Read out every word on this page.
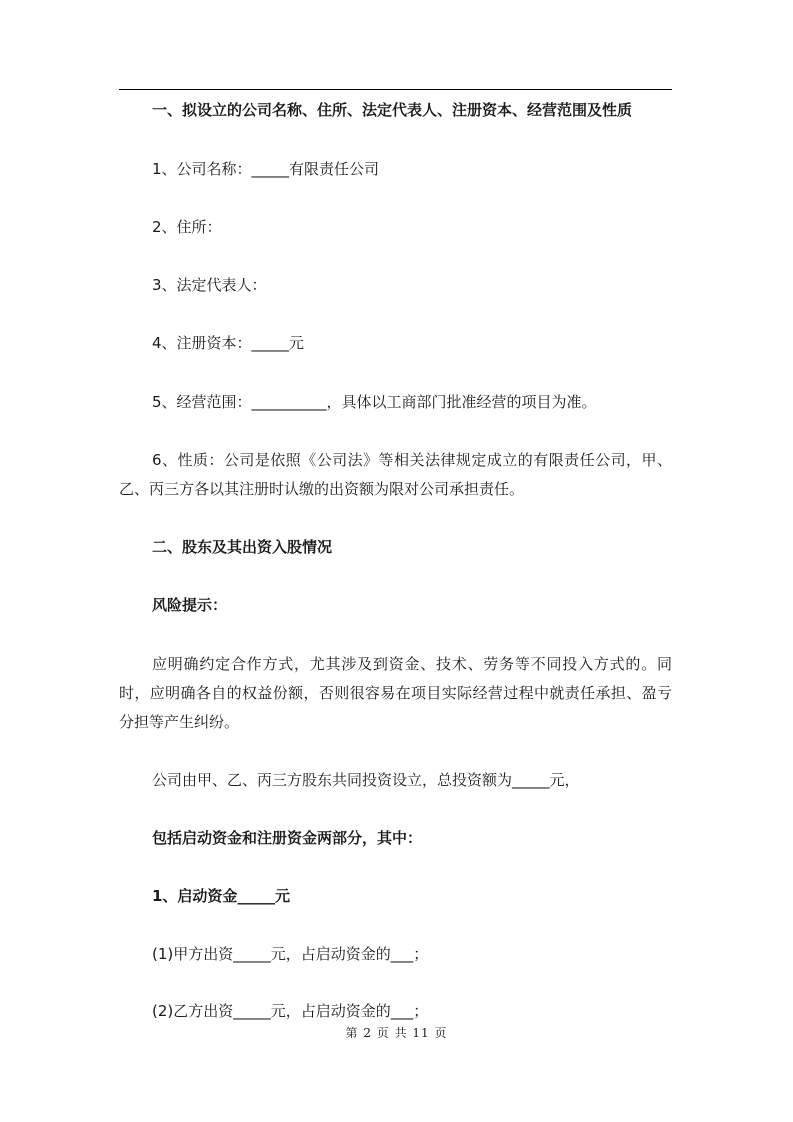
一、拟设立的公司名称、住所、法定代表人、注册资本、经营范围及性质

1、公司名称：_____有限责任公司

2、住所：

3、法定代表人：

4、注册资本：_____元

5、经营范围：__________，具体以工商部门批准经营的项目为准。

6、性质：公司是依照《公司法》等相关法律规定成立的有限责任公司，甲、乙、丙三方各以其注册时认缴的出资额为限对公司承担责任。

二、股东及其出资入股情况

风险提示：

应明确约定合作方式，尤其涉及到资金、技术、劳务等不同投入方式的。同时，应明确各自的权益份额，否则很容易在项目实际经营过程中就责任承担、盈亏分担等产生纠纷。

公司由甲、乙、丙三方股东共同投资设立，总投资额为_____元，

包括启动资金和注册资金两部分，其中：

1、启动资金_____元

(1)甲方出资_____元，占启动资金的___；

(2)乙方出资_____元，占启动资金的___；

第 2 页 共 11 页
